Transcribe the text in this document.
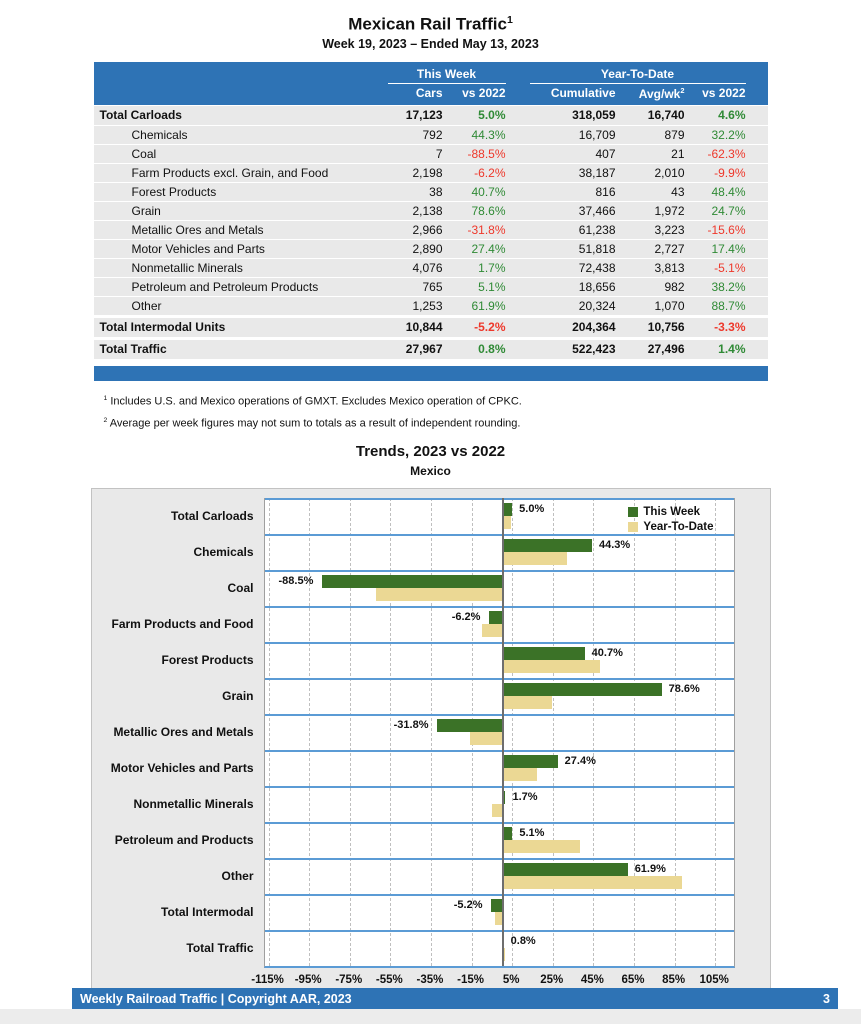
Mexican Rail Traffic$^1$
Week 19, 2023 – Ended May 13, 2023
This Week	Year-To-Date
Cars	vs 2022	Cumulative	Avg/$wk^2$	vs 2022
Total Carloads	17,123	5.0%	318,059	16,740	4.6%
Chemicals	792	44.3%	16,709	879	32.2%
Coal	7	-88.5%	407	21	-62.3%
Farm Products excl. Grain, and Food	2,198	-6.2%	38,187	2,010	-9.9%
Forest Products	38	40.7%	816	43	48.4%
Grain	2,138	78.6%	37,466	1,972	24.7%
Metallic Ores and Metals	2,966	-31.8%	61,238	3,223	-15.6%
Motor Vehicles and Parts	2,890	27.4%	51,818	2,727	17.4%
Nonmetallic Minerals	4,076	1.7%	72,438	3,813	-5.1%
Petroleum and Petroleum Products	765	5.1%	18,656	982	38.2%
Other	1,253	61.9%	20,324	1,070	88.7%
Total Intermodal Units	10,844	-5.2%	204,364	10,756	-3.3%
Total Traffic	27,967	0.8%	522,423	27,496	1.4%
$^1$ Includes U.S. and Mexico operations of GMXT. Excludes Mexico operation of CPKC.
$^2$ Average per week figures may not sum to totals as a result of independent rounding.
Trends, 2023 vs 2022
Mexico
Total Carloads
Chemicals
Coal
Farm Products and Food
Forest Products
Grain
Metallic Ores and Metals
Motor Vehicles and Parts
Nonmetallic Minerals
Petroleum and Products
Other
Total Intermodal
Total Traffic
5.0%
44.3%
-88.5%
-6.2%
40.7%
78.6%
-31.8%
27.4%
1.7%
5.1%
61.9%
-5.2%
0.8%
This Week
Year-To-Date
-115% -95%	-75%	-55%	-35%	-15%	5%	25%	45%	65%	85%	105%
Weekly Railroad Traffic | Copyright AAR, 2023	3
